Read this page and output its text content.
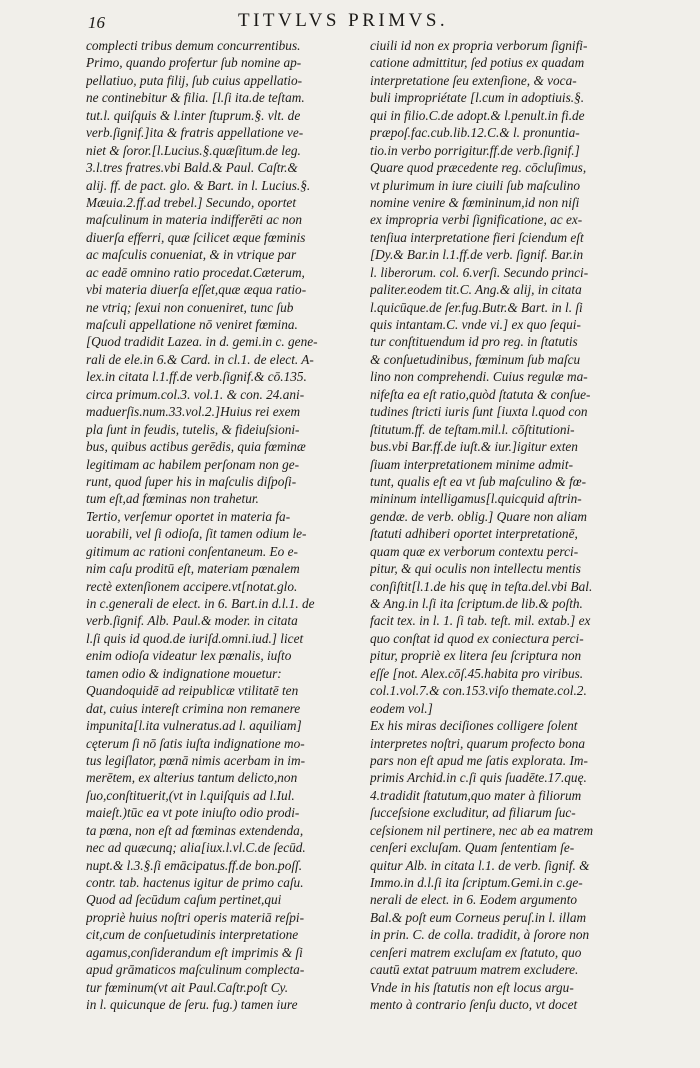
16	TITVLVS PRIMVS.
complecti tribus demum concurrentibus.
Primo, quando profertur ſub nomine ap-
pellatiuo, puta filij, ſub cuius appellatio-
ne continebitur & filia. [l.ſi ita.de teſtam.
tut.l. quiſquis & l.inter ſtuprum.§. vlt. de
verb.ſignif.]ita & fratris appellatione ve-
niet & ſoror.[l.Lucius.§.quæſitum.de leg.
3.l.tres fratres.vbi Bald.& Paul. Caſtr.&
alij. ff. de pact. glo. & Bart. in l. Lucius.§.
Mæuia.2.ff.ad trebel.] Secundo, oportet
maſculinum in materia indifferēti ac non
diuerſa efferri, quæ ſcilicet æque fœminis
ac maſculis conueniat, & in vtrique par
ac eadē omnino ratio procedat.Cæterum,
vbi materia diuerſa eſſet,quæ æqua ratio-
ne vtriq; ſexui non conueniret, tunc ſub
maſculi appellatione nō veniret fœmina.
[Quod tradidit Lazea. in d. gemi.in c. gene-
rali de ele.in 6.& Card. in cl.1. de elect. A-
lex.in citata l.1.ff.de verb.ſignif.& cō.135.
circa primum.col.3. vol.1. & con. 24.ani-
maduerſis.num.33.vol.2.]Huius rei exem
pla ſunt in feudis, tutelis, & fideiuſsioni-
bus, quibus actibus gerēdis, quia fœminæ
legitimam ac habilem perſonam non ge-
runt, quod ſuper his in maſculis diſpoſi-
tum eſt,ad fœminas non trahetur.
Tertio, verſemur oportet in materia fa-
uorabili, vel ſi odioſa, ſit tamen odium le-
gitimum ac rationi conſentaneum. Eo e-
nim caſu proditū eſt, materiam pœnalem
rectè extenſionem accipere.vt[notat.glo.
in c.generali de elect. in 6. Bart.in d.l.1. de
verb.ſignif. Alb. Paul.& moder. in citata
l.ſi quis id quod.de iuriſd.omni.iud.] licet
enim odioſa videatur lex pœnalis, iuſto
tamen odio & indignatione mouetur:
Quandoquidē ad reipublicæ vtilitatē ten
dat, cuius intereſt crimina non remanere
impunita[l.ita vulneratus.ad l. aquiliam]
cęterum ſi nō ſatis iuſta indignatione mo-
tus legiſlator, pœnā nimis acerbam in im-
merētem, ex alterius tantum delicto,non
ſuo,conſtituerit,(vt in l.quiſquis ad l.Iul.
maieſt.)tūc ea vt pote iniuſto odio prodi-
ta pœna, non eſt ad fœminas extendenda,
nec ad quæcunq; alia[iux.l.vl.C.de ſecūd.
nupt.& l.3.§.ſi emācipatus.ff.de bon.poſſ.
contr. tab. hactenus igitur de primo caſu.
Quod ad ſecūdum caſum pertinet,qui
propriè huius noſtri operis materiā reſpi-
cit,cum de conſuetudinis interpretatione
agamus,conſiderandum eſt imprimis & ſi
apud grāmaticos maſculinum complecta-
tur fœminum(vt ait Paul.Caſtr.poſt Cy.
in l. quicunque de ſeru. fug.) tamen iure
ciuili id non ex propria verborum ſignifi-
catione admittitur, ſed potius ex quadam
interpretatione ſeu extenſione, & voca-
buli impropriétate [l.cum in adoptiuis.§.
qui in filio.C.de adopt.& l.penult.in fi.de
præpoſ.fac.cub.lib.12.C.& l. pronuntia-
tio.in verbo porrigitur.ff.de verb.ſignif.]
Quare quod præcedente reg. cōcluſimus,
vt plurimum in iure ciuili ſub maſculino
nomine venire & fœmininum,id non niſi
ex impropria verbi ſignificatione, ac ex-
tenſiua interpretatione fieri ſciendum eſt
[Dy.& Bar.in l.1.ff.de verb. ſignif. Bar.in
l. liberorum. col. 6.verſi. Secundo princi-
paliter.eodem tit.C. Ang.& alij, in citata
l.quicūque.de ſer.fug.Butr.& Bart. in l. ſi
quis intantam.C. vnde vi.] ex quo ſequi-
tur conſtituendum id pro reg. in ſtatutis
& conſuetudinibus, fœminum ſub maſcu
lino non comprehendi. Cuius regulæ ma-
nifeſta ea eſt ratio,quòd ſtatuta & conſue-
tudines ſtricti iuris ſunt [iuxta l.quod con
ſtitutum.ff. de teſtam.mil.l. cōſtitutioni-
bus.vbi Bar.ff.de iuſt.& iur.]igitur exten
ſiuam interpretationem minime admit-
tunt, qualis eſt ea vt ſub maſculino & fœ-
mininum intelligamus[l.quicquid aſtrin-
gendæ. de verb. oblig.] Quare non aliam
ſtatuti adhiberi oportet interpretationē,
quam quæ ex verborum contextu perci-
pitur, & qui oculis non intellectu mentis
conſiſtit[l.1.de his quę in teſta.del.vbi Bal.
& Ang.in l.ſi ita ſcriptum.de lib.& poſth.
facit tex. in l. 1. ſi tab. teſt. mil. extab.] ex
quo conſtat id quod ex coniectura perci-
pitur, propriè ex litera ſeu ſcriptura non
eſſe [not. Alex.cōſ.45.habita pro viribus.
col.1.vol.7.& con.153.viſo themate.col.2.
eodem vol.]
Ex his miras deciſiones colligere ſolent
interpretes noſtri, quarum profecto bona
pars non eſt apud me ſatis explorata. Im-
primis Archid.in c.ſi quis ſuadēte.17.quę.
4.tradidit ſtatutum,quo mater à filiorum
ſucceſsione excluditur, ad filiarum ſuc-
ceſsionem nil pertinere, nec ab ea matrem
cenſeri excluſam. Quam ſententiam ſe-
quitur Alb. in citata l.1. de verb. ſignif. &
Immo.in d.l.ſi ita ſcriptum.Gemi.in c.ge-
nerali de elect. in 6. Eodem argumento
Bal.& poſt eum Corneus peruſ.in l. illam
in prin. C. de colla. tradidit, à ſorore non
cenſeri matrem excluſam ex ſtatuto, quo
cautū extat patruum matrem excludere.
Vnde in his ſtatutis non eſt locus argu-
mento à contrario ſenſu ducto, vt docet
